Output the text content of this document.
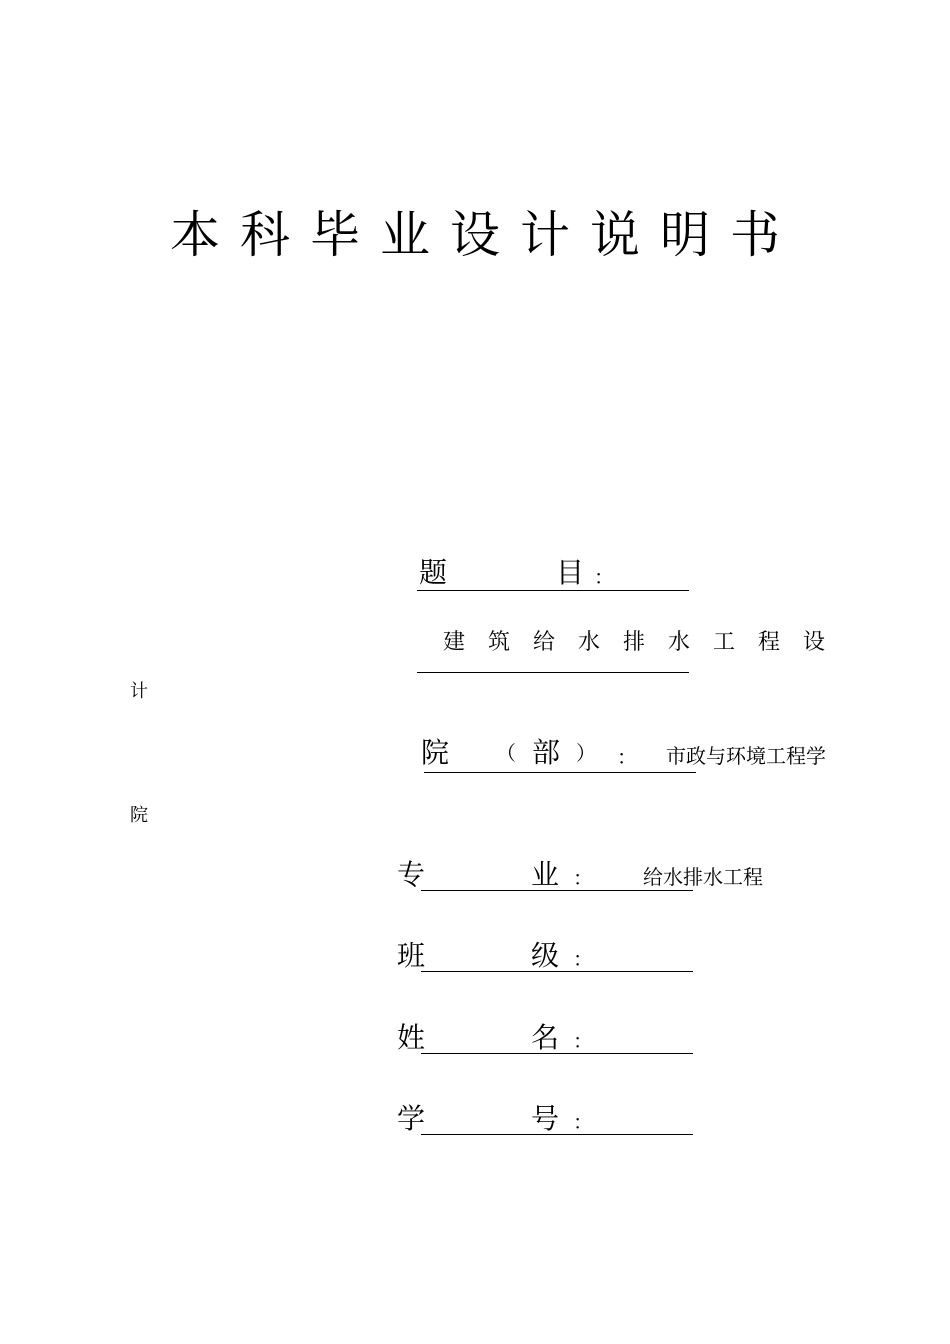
本科毕业设计说明书
题	目 ：
建 筑 给 水 排 水 工 程 设
计
院 （ 部 ） ： 市政与环境工程学
院
专	业 ：	给水排水工程
班	级 ：
姓	名 ：
学	号 ：
